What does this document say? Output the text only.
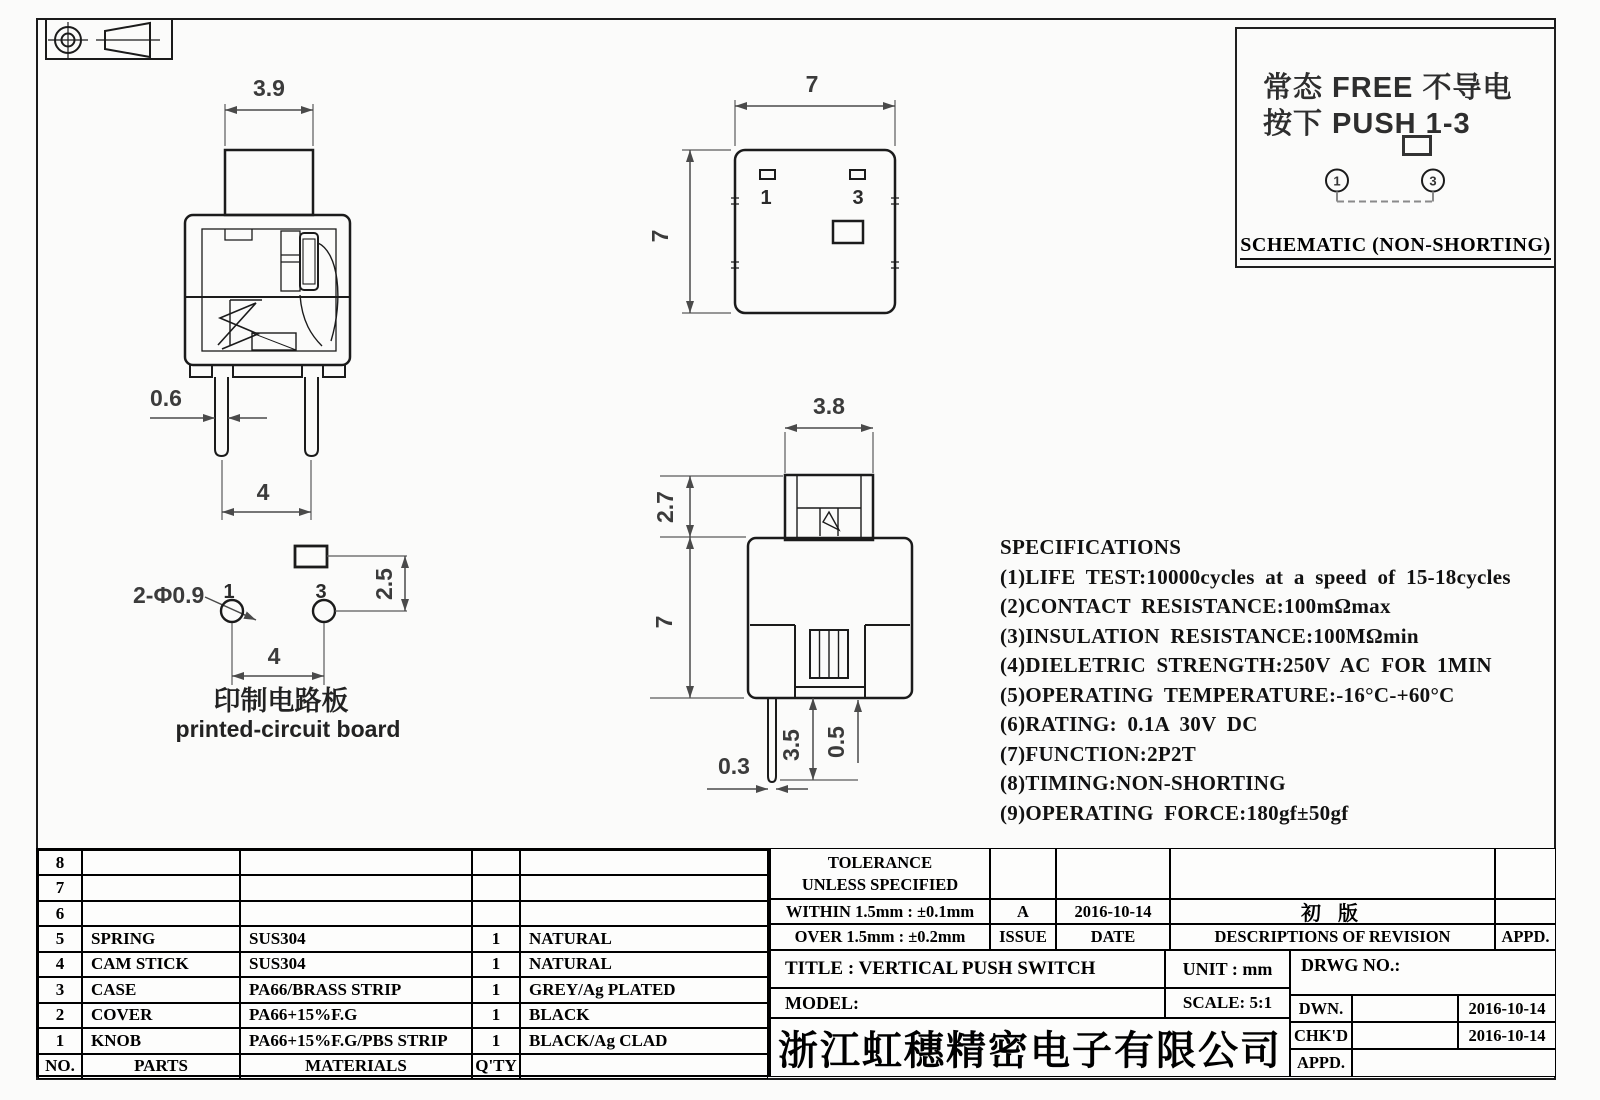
3.9
0.6
4
7
7
1	3
2-Φ0.9 1	3 2.5
4
印制电路板
printed-circuit board
3.8
2.7
7
3.5 0.5
0.3
常态 FREE 不导电
按下 PUSH 1-3
1	3
SCHEMATIC (NON-SHORTING)
SPECIFICATIONS
(1)LIFE TEST:10000cycles at a speed of 15-18cycles
(2)CONTACT RESISTANCE:100mΩmax
(3)INSULATION RESISTANCE:100MΩmin
(4)DIELETRIC STRENGTH:250V AC FOR 1MIN
(5)OPERATING TEMPERATURE:-16°C-+60°C
(6)RATING: 0.1A 30V DC
(7)FUNCTION:2P2T
(8)TIMING:NON-SHORTING
(9)OPERATING FORCE:180gf±50gf
8
7
6
5	SPRING	SUS304	1	NATURAL
4	CAM STICK	SUS304	1	NATURAL
3	CASE	PA66/BRASS STRIP	1	GREY/Ag PLATED
2	COVER	PA66+15%F.G	1	BLACK
1	KNOB	PA66+15%F.G/PBS STRIP	1	BLACK/Ag CLAD
NO.	PARTS	MATERIALS	Q'TY
TOLERANCE
UNLESS SPECIFIED
WITHIN 1.5mm : ±0.1mm	A	2016-10-14	初 版
OVER 1.5mm : ±0.2mm	ISSUE	DATE	DESCRIPTIONS OF REVISION	APPD.
TITLE : VERTICAL PUSH SWITCH	UNIT : mm	DRWG NO.:
MODEL:	SCALE: 5:1
浙江虹穗精密电子有限公司
DWN.	2016-10-14
CHK'D	2016-10-14
APPD.
